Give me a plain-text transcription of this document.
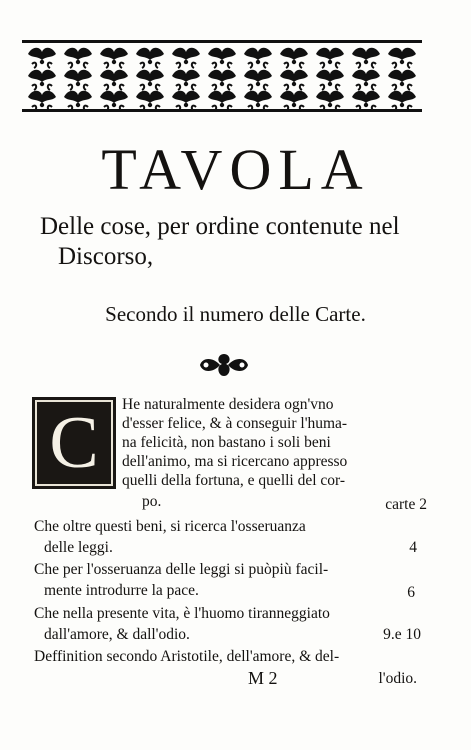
TAVOLA
Delle cose, per ordine contenute nel
Discorso,
Secondo il numero delle Carte.
C	He naturalmente desidera ogn'vno
d'esser felice, & à conseguir l'huma-
na felicità, non bastano i soli beni
dell'animo, ma si ricercano appresso
quelli della fortuna, e quelli del cor-
po.	carte 2
Che oltre questi beni, si ricerca l'osseruanza
delle leggi.	4
Che per l'osseruanza delle leggi si puòpiù facil-
mente introdurre la pace.	6
Che nella presente vita, è l'huomo tiranneggiato
dall'amore, & dall'odio.	9.e 10
Deffinition secondo Aristotile, dell'amore, & del-
l'odio.
M 2
